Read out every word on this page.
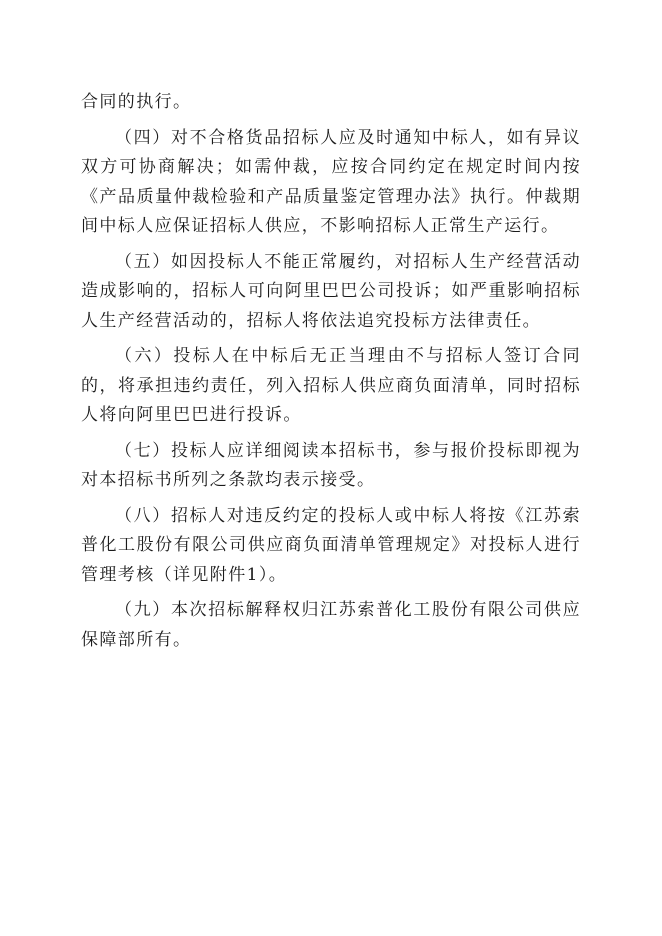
合同的执行。

（四）对不合格货品招标人应及时通知中标人，如有异议双方可协商解决；如需仲裁，应按合同约定在规定时间内按《产品质量仲裁检验和产品质量鉴定管理办法》执行。仲裁期间中标人应保证招标人供应，不影响招标人正常生产运行。

（五）如因投标人不能正常履约，对招标人生产经营活动造成影响的，招标人可向阿里巴巴公司投诉；如严重影响招标人生产经营活动的，招标人将依法追究投标方法律责任。

（六）投标人在中标后无正当理由不与招标人签订合同的，将承担违约责任，列入招标人供应商负面清单，同时招标人将向阿里巴巴进行投诉。

（七）投标人应详细阅读本招标书，参与报价投标即视为对本招标书所列之条款均表示接受。

（八）招标人对违反约定的投标人或中标人将按《江苏索普化工股份有限公司供应商负面清单管理规定》对投标人进行管理考核（详见附件1）。

（九）本次招标解释权归江苏索普化工股份有限公司供应保障部所有。
